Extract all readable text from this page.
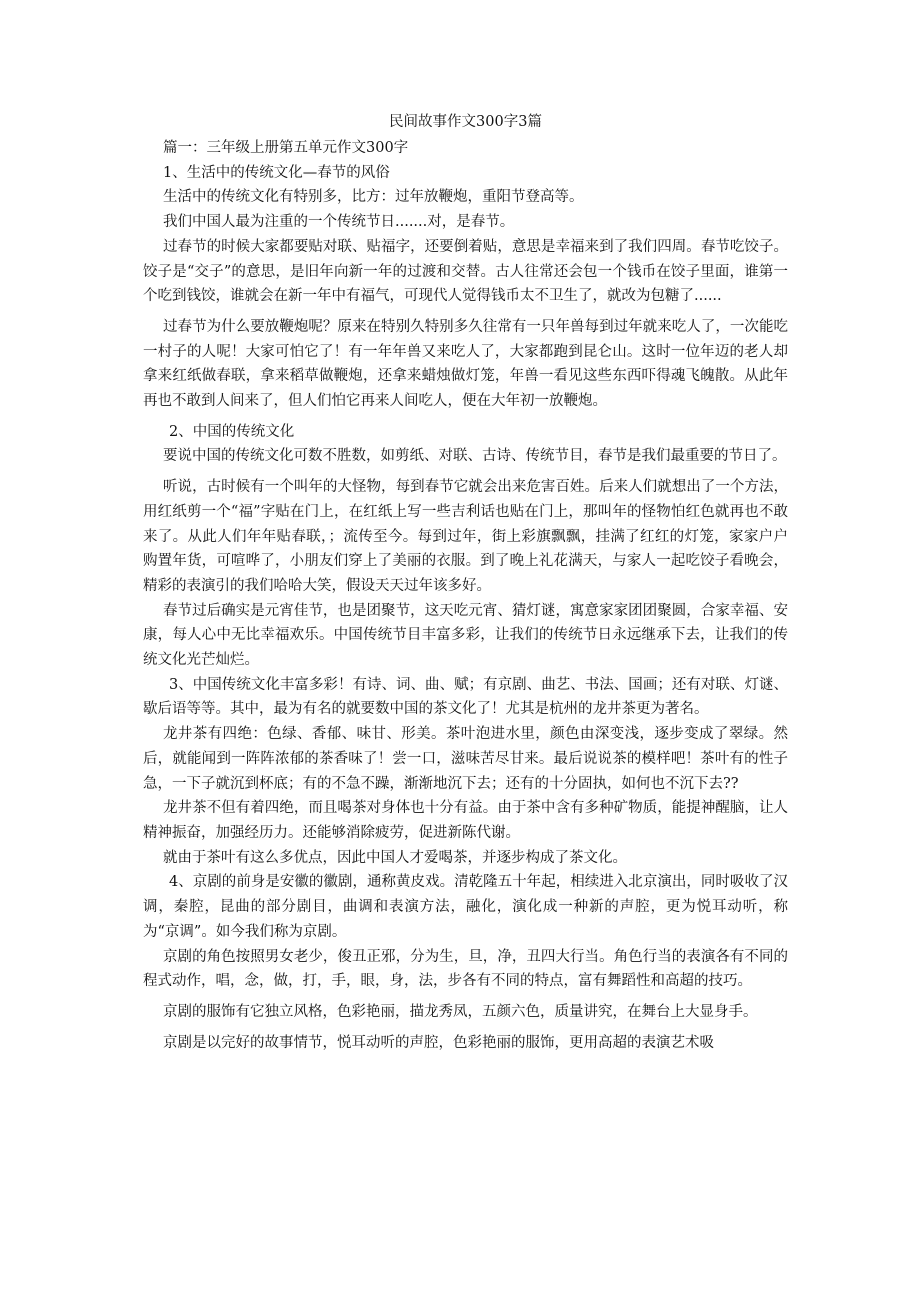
民间故事作文300字3篇

篇一：三年级上册第五单元作文300字

1、生活中的传统文化—春节的风俗

生活中的传统文化有特别多，比方：过年放鞭炮，重阳节登高等。

我们中国人最为注重的一个传统节日.......对，是春节。

过春节的时候大家都要贴对联、贴福字，还要倒着贴，意思是幸福来到了我们四周。春节吃饺子。饺子是“交子”的意思，是旧年向新一年的过渡和交替。古人往常还会包一个钱币在饺子里面，谁第一个吃到钱饺，谁就会在新一年中有福气，可现代人觉得钱币太不卫生了，就改为包糖了......

过春节为什么要放鞭炮呢？原来在特别久特别多久往常有一只年兽每到过年就来吃人了，一次能吃一村子的人呢！大家可怕它了！有一年年兽又来吃人了，大家都跑到昆仑山。这时一位年迈的老人却拿来红纸做春联，拿来稻草做鞭炮，还拿来蜡烛做灯笼，年兽一看见这些东西吓得魂飞魄散。从此年再也不敢到人间来了，但人们怕它再来人间吃人，便在大年初一放鞭炮。

2、中国的传统文化

要说中国的传统文化可数不胜数，如剪纸、对联、古诗、传统节目，春节是我们最重要的节日了。

听说，古时候有一个叫年的大怪物，每到春节它就会出来危害百姓。后来人们就想出了一个方法，用红纸剪一个“福”字贴在门上，在红纸上写一些吉利话也贴在门上，那叫年的怪物怕红色就再也不敢来了。从此人们年年贴春联，；流传至今。每到过年，街上彩旗飘飘，挂满了红红的灯笼，家家户户购置年货，可喧哗了，小朋友们穿上了美丽的衣服。到了晚上礼花满天，与家人一起吃饺子看晚会，精彩的表演引的我们哈哈大笑，假设天天过年该多好。

春节过后确实是元宵佳节，也是团聚节，这天吃元宵、猜灯谜，寓意家家团团聚圆，合家幸福、安康，每人心中无比幸福欢乐。中国传统节目丰富多彩，让我们的传统节日永远继承下去，让我们的传统文化光芒灿烂。

3、中国传统文化丰富多彩！有诗、词、曲、赋；有京剧、曲艺、书法、国画；还有对联、灯谜、歇后语等等。其中，最为有名的就要数中国的茶文化了！尤其是杭州的龙井茶更为著名。

龙井茶有四绝：色绿、香郁、味甘、形美。茶叶泡进水里，颜色由深变浅，逐步变成了翠绿。然后，就能闻到一阵阵浓郁的茶香味了！尝一口，滋味苦尽甘来。最后说说茶的模样吧！茶叶有的性子急，一下子就沉到杯底；有的不急不躁，渐渐地沉下去；还有的十分固执，如何也不沉下去??

龙井茶不但有着四绝，而且喝茶对身体也十分有益。由于茶中含有多种矿物质，能提神醒脑，让人精神振奋，加强经历力。还能够消除疲劳，促进新陈代谢。

就由于茶叶有这么多优点，因此中国人才爱喝茶，并逐步构成了茶文化。

4、京剧的前身是安徽的徽剧，通称黄皮戏。清乾隆五十年起，相续进入北京演出，同时吸收了汉调，秦腔，昆曲的部分剧目，曲调和表演方法，融化，演化成一种新的声腔，更为悦耳动听，称为“京调”。如今我们称为京剧。

京剧的角色按照男女老少，俊丑正邪，分为生，旦，净，丑四大行当。角色行当的表演各有不同的程式动作，唱，念，做，打，手，眼，身，法，步各有不同的特点，富有舞蹈性和高超的技巧。

京剧的服饰有它独立风格，色彩艳丽，描龙秀凤，五颜六色，质量讲究，在舞台上大显身手。

京剧是以完好的故事情节，悦耳动听的声腔，色彩艳丽的服饰，更用高超的表演艺术吸
